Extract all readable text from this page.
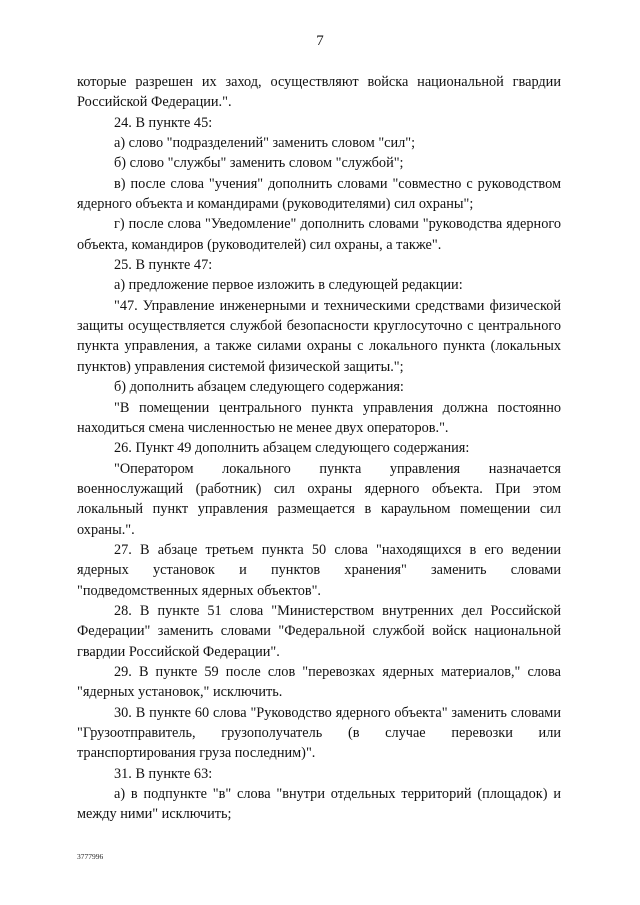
7

которые разрешен их заход, осуществляют войска национальной гвардии Российской Федерации.".

24. В пункте 45:

а) слово "подразделений" заменить словом "сил";

б) слово "службы" заменить словом "службой";

в) после слова "учения" дополнить словами "совместно с руководством ядерного объекта и командирами (руководителями) сил охраны";

г) после слова "Уведомление" дополнить словами "руководства ядерного объекта, командиров (руководителей) сил охраны, а также".

25. В пункте 47:

а) предложение первое изложить в следующей редакции:

"47. Управление инженерными и техническими средствами физической защиты осуществляется службой безопасности круглосуточно с центрального пункта управления, а также силами охраны с локального пункта (локальных пунктов) управления системой физической защиты.";

б) дополнить абзацем следующего содержания:

"В помещении центрального пункта управления должна постоянно находиться смена численностью не менее двух операторов.".

26. Пункт 49 дополнить абзацем следующего содержания:

"Оператором локального пункта управления назначается военнослужащий (работник) сил охраны ядерного объекта. При этом локальный пункт управления размещается в караульном помещении сил охраны.".

27. В абзаце третьем пункта 50 слова "находящихся в его ведении ядерных установок и пунктов хранения" заменить словами "подведомственных ядерных объектов".

28. В пункте 51 слова "Министерством внутренних дел Российской Федерации" заменить словами "Федеральной службой войск национальной гвардии Российской Федерации".

29. В пункте 59 после слов "перевозках ядерных материалов," слова "ядерных установок," исключить.

30. В пункте 60 слова "Руководство ядерного объекта" заменить словами "Грузоотправитель, грузополучатель (в случае перевозки или транспортирования груза последним)".

31. В пункте 63:

а) в подпункте "в" слова "внутри отдельных территорий (площадок) и между ними" исключить;

3777996
